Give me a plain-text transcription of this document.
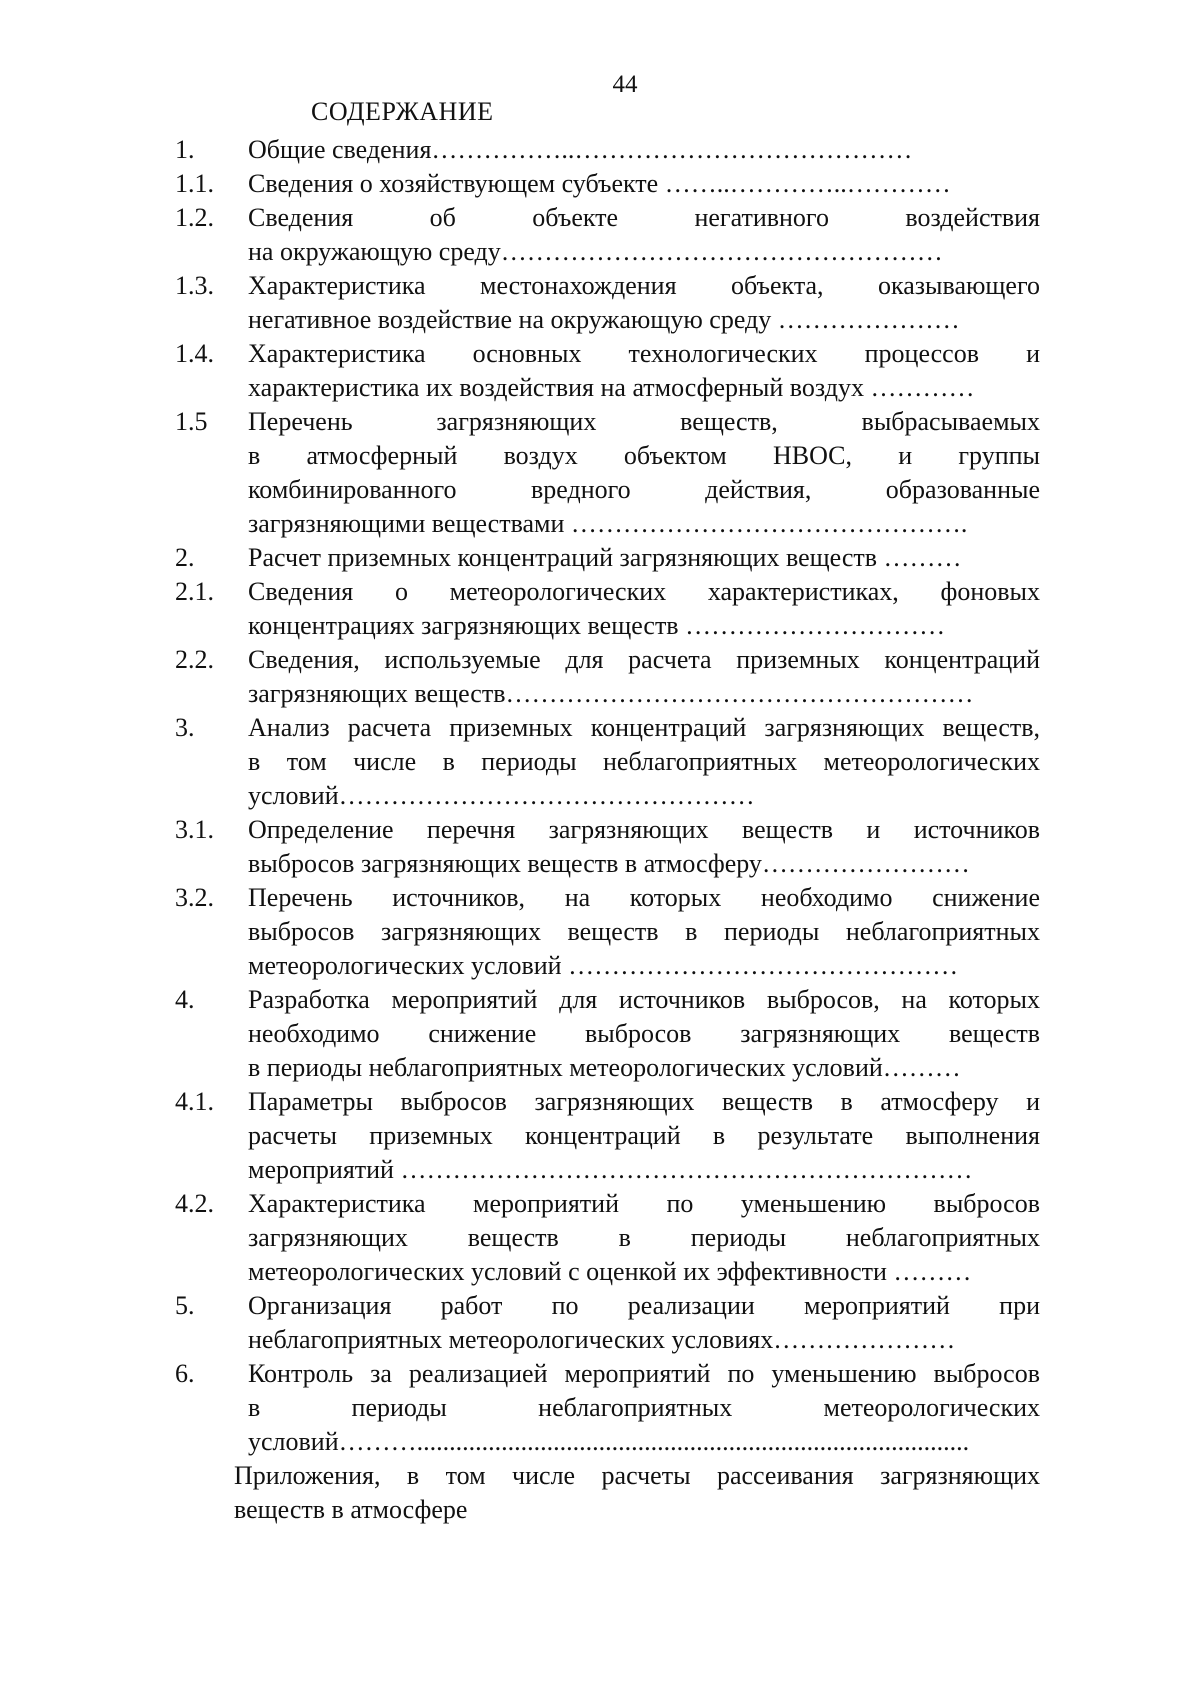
44
СОДЕРЖАНИЕ
1. Общие сведения……………..…………………………………
1.1. Сведения о хозяйствующем субъекте ……..…………..…………
1.2. Сведения об объекте негативного воздействия
на окружающую среду……………………………………………
1.3. Характеристика местонахождения объекта, оказывающего
негативное воздействие на окружающую среду …………………
1.4. Характеристика основных технологических процессов и
характеристика их воздействия на атмосферный воздух …………
1.5 Перечень загрязняющих веществ, выбрасываемых
в атмосферный воздух объектом НВОС, и группы
комбинированного вредного действия, образованные
загрязняющими веществами ……………………………………….
2. Расчет приземных концентраций загрязняющих веществ ………
2.1. Сведения о метеорологических характеристиках, фоновых
концентрациях загрязняющих веществ …………………………
2.2. Сведения, используемые для расчета приземных концентраций
загрязняющих веществ………………………………………………
3. Анализ расчета приземных концентраций загрязняющих веществ,
в том числе в периоды неблагоприятных метеорологических
условий…………………………………………
3.1. Определение перечня загрязняющих веществ и источников
выбросов загрязняющих веществ в атмосферу……………………
3.2. Перечень источников, на которых необходимо снижение
выбросов загрязняющих веществ в периоды неблагоприятных
метеорологических условий ………………………………………
4. Разработка мероприятий для источников выбросов, на которых
необходимо снижение выбросов загрязняющих веществ
в периоды неблагоприятных метеорологических условий………
4.1. Параметры выбросов загрязняющих веществ в атмосферу и
расчеты приземных концентраций в результате выполнения
мероприятий …………………………………………………………
4.2. Характеристика мероприятий по уменьшению выбросов
загрязняющих веществ в периоды неблагоприятных
метеорологических условий с оценкой их эффективности ………
5. Организация работ по реализации мероприятий при
неблагоприятных метеорологических условиях…………………
6. Контроль за реализацией мероприятий по уменьшению выбросов
в периоды неблагоприятных метеорологических
условий……….....................................................................................
Приложения, в том числе расчеты рассеивания загрязняющих
веществ в атмосфере
